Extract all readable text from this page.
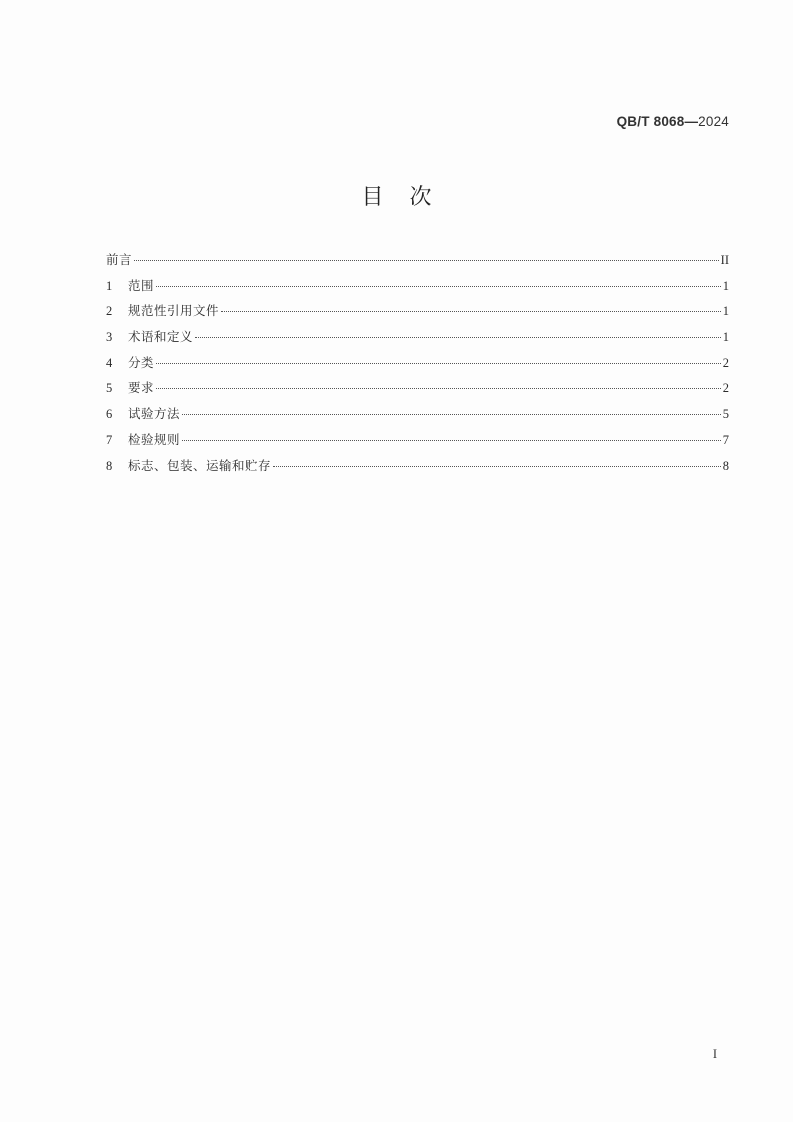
QB/T 8068—2024
目次
前言	II
1	范围	1
2	规范性引用文件	1
3	术语和定义	1
4	分类	2
5	要求	2
6	试验方法	5
7	检验规则	7
8	标志、包装、运输和贮存	8
I
